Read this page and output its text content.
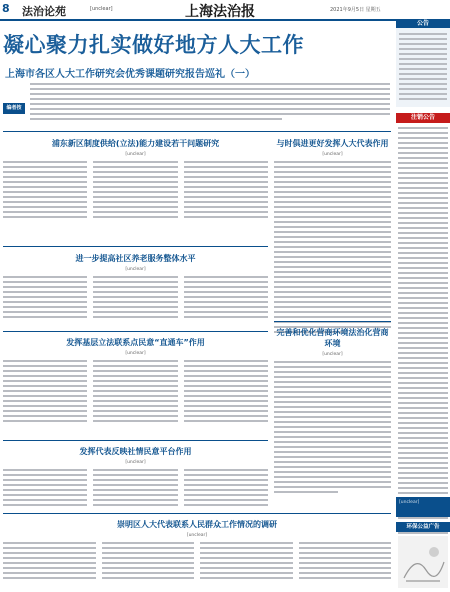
8 法治论苑	[unclear]	上海法治报	2021年9月5日 星期五
凝心聚力扎实做好地方人大工作
上海市各区人大工作研究会优秀课题研究报告巡礼（一）
编者按
浦东新区制度供给(立法)能力建设若干问题研究
[unclear]
进一步提高社区养老服务整体水平
[unclear]
发挥基层立法联系点民意“直通车”作用
[unclear]
发挥代表反映社情民意平台作用
[unclear]
崇明区人大代表联系人民群众工作情况的调研
[unclear]
与时俱进更好发挥人大代表作用
[unclear]
完善和优化营商环境法治化营商环境
[unclear]
公告
注销公告
[unclear]
环保公益广告
